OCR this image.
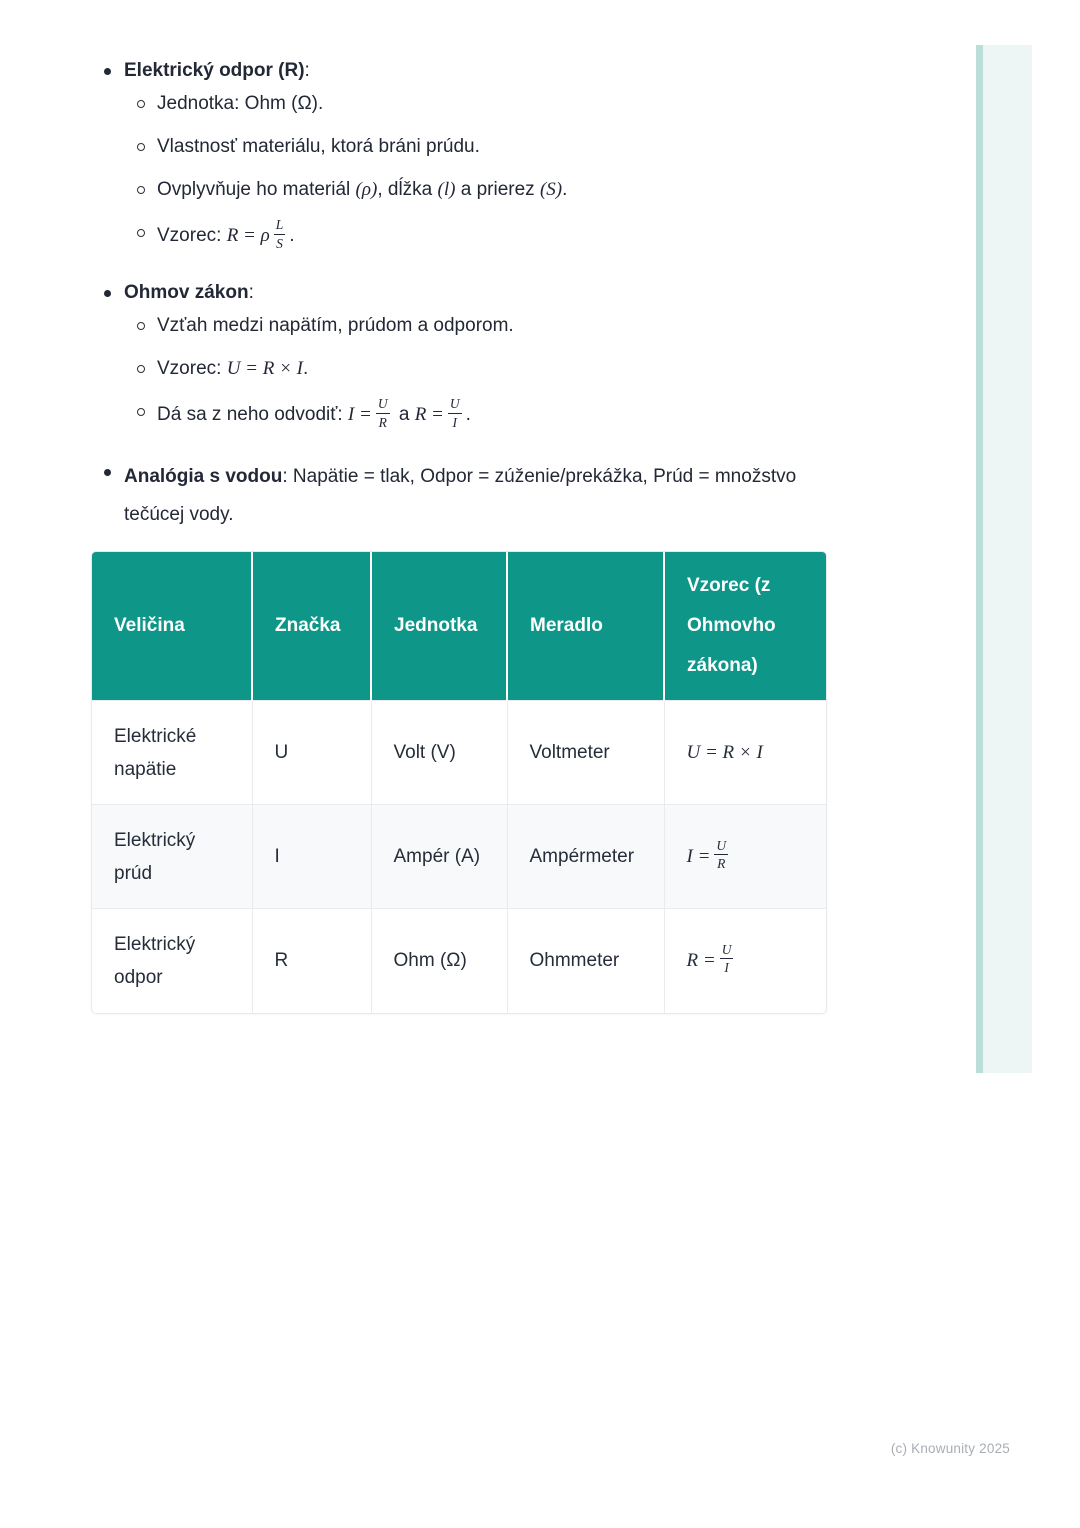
Elektrický odpor (R):
Jednotka: Ohm (Ω).
Vlastnosť materiálu, ktorá bráni prúdu.
Ovplyvňuje ho materiál (ρ), dĺžka (l) a prierez (S).
Vzorec: R = ρ $\frac{L}{S}$ .
Ohmov zákon:
Vzťah medzi napätím, prúdom a odporom.
Vzorec: U = R × I.
Dá sa z neho odvodiť: $I = \frac{U}{R}$ a $R = \frac{U}{I}$ .
Analógia s vodou: Napätie = tlak, Odpor = zúženie/prekážka, Prúd = množstvo tečúcej vody.
Veličina	Značka	Jednotka	Meradlo	Vzorec (z Ohmovho zákona)
Elektrické napätie	U	Volt (V)	Voltmeter	U = R × I
Elektrický prúd	I	Ampér (A)	Ampérmeter	$I = \frac{U}{R}$

Elektrický odpor	R	Ohm (Ω)	Ohmmeter	$R = \frac{U}{I}$
(c) Knowunity 2025
